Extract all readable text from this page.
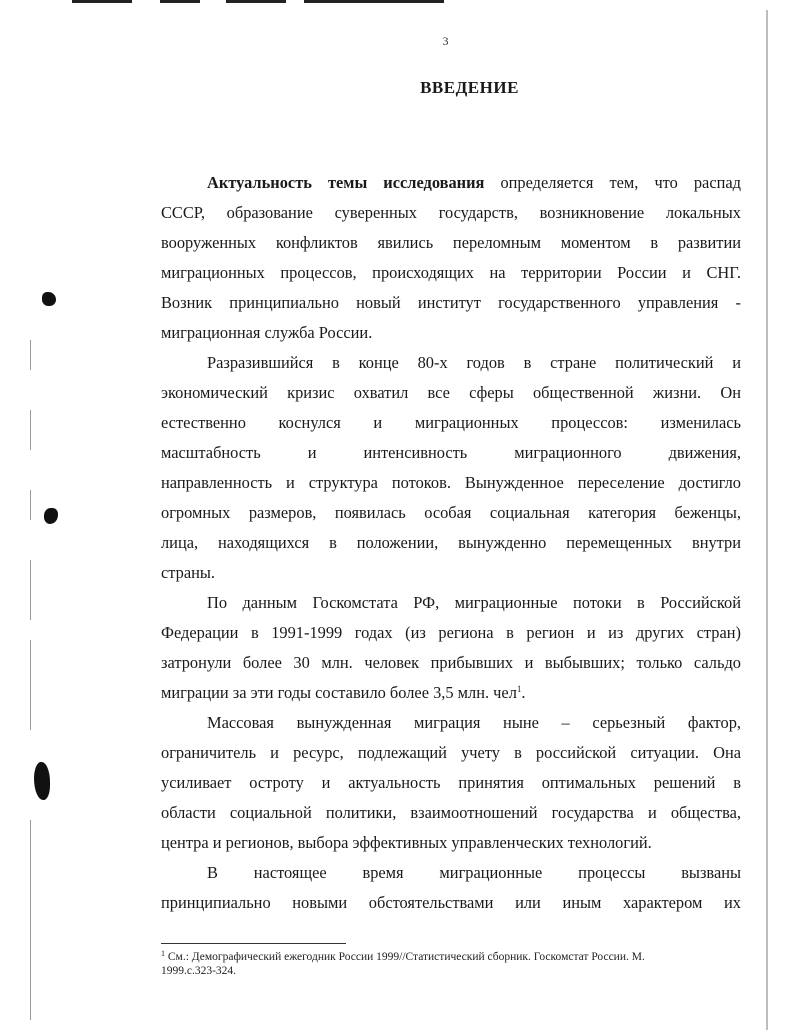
3
ВВЕДЕНИЕ
Актуальность темы исследования определяется тем, что распад
СССР, образование суверенных государств, возникновение локальных
вооруженных конфликтов явились переломным моментом в развитии
миграционных процессов, происходящих на территории России и СНГ.
Возник принципиально новый институт государственного управления -
миграционная служба России.
Разразившийся в конце 80-х годов в стране политический и
экономический кризис охватил все сферы общественной жизни. Он
естественно коснулся и миграционных процессов: изменилась
масштабность и интенсивность миграционного движения,
направленность и структура потоков. Вынужденное переселение достигло
огромных размеров, появилась особая социальная категория беженцы,
лица, находящихся в положении, вынужденно перемещенных внутри
страны.
По данным Госкомстата РФ, миграционные потоки в Российской
Федерации в 1991-1999 годах (из региона в регион и из других стран)
затронули более 30 млн. человек прибывших и выбывших; только сальдо
миграции за эти годы составило более 3,5 млн. чел$^1$.
Массовая вынужденная миграция ныне – серьезный фактор,
ограничитель и ресурс, подлежащий учету в российской ситуации. Она
усиливает остроту и актуальность принятия оптимальных решений в
области социальной политики, взаимоотношений государства и общества,
центра и регионов, выбора эффективных управленческих технологий.
В настоящее время миграционные процессы вызваны
принципиально новыми обстоятельствами или иным характером их
$^1$ См.: Демографический ежегодник России 1999//Статистический сборник. Госкомстат России. М.
1999.с.323-324.
